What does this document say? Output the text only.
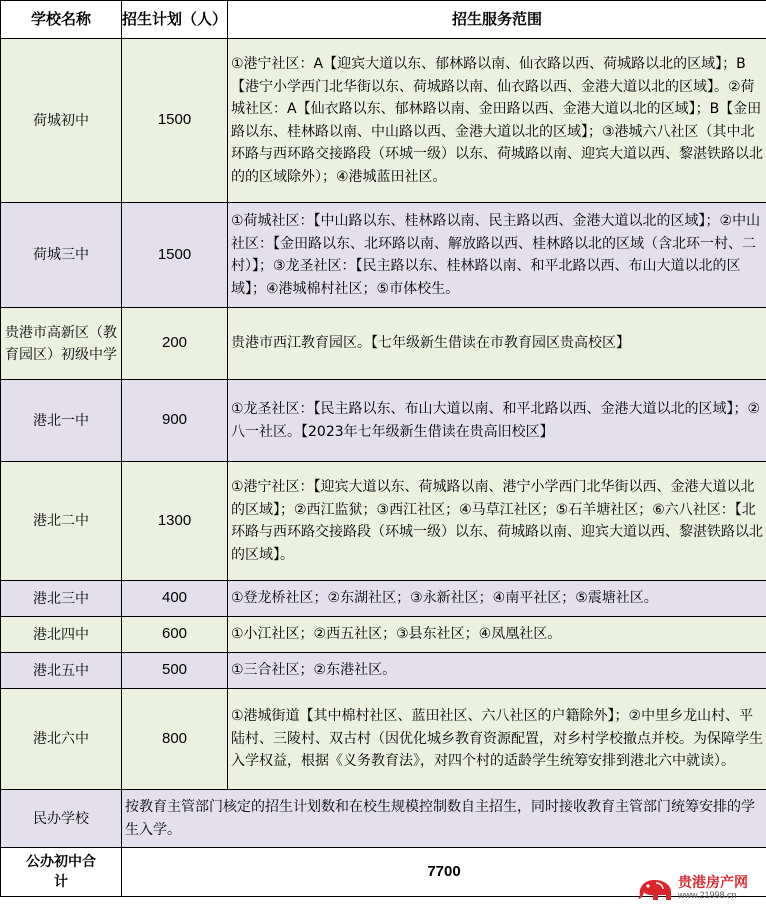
学校名称	招生计划（人）	招生服务范围
荷城初中	1500	①港宁社区：A【迎宾大道以东、郁林路以南、仙衣路以西、荷城路以北的区域】；B【港宁小学西门北华街以东、荷城路以南、仙衣路以西、金港大道以北的区域】。②荷城社区：A【仙衣路以东、郁林路以南、金田路以西、金港大道以北的区域】；B【金田路以东、桂林路以南、中山路以西、金港大道以北的区域】；③港城六八社区（其中北环路与西环路交接路段（环城一级）以东、荷城路以南、迎宾大道以西、黎湛铁路以北的的区域除外）；④港城蓝田社区。
荷城三中	1500	①荷城社区：【中山路以东、桂林路以南、民主路以西、金港大道以北的区域】；②中山社区：【金田路以东、北环路以南、解放路以西、桂林路以北的区域（含北环一村、二村）】；③龙圣社区：【民主路以东、桂林路以南、和平北路以西、布山大道以北的区域】；④港城棉村社区；⑤市体校生。
贵港市高新区（教育园区）初级中学	200	贵港市西江教育园区。【七年级新生借读在市教育园区贵高校区】
港北一中	900	①龙圣社区：【民主路以东、布山大道以南、和平北路以西、金港大道以北的区域】；②八一社区。【2023年七年级新生借读在贵高旧校区】
港北二中	1300	①港宁社区：【迎宾大道以东、荷城路以南、港宁小学西门北华街以西、金港大道以北的区域】；②西江监狱；③西江社区；④马草江社区；⑤石羊塘社区；⑥六八社区：【北环路与西环路交接路段（环城一级）以东、荷城路以南、迎宾大道以西、黎湛铁路以北的区域】。
港北三中	400	①登龙桥社区；②东湖社区；③永新社区；④南平社区；⑤震塘社区。
港北四中	600	①小江社区；②西五社区；③县东社区；④凤凰社区。
港北五中	500	①三合社区；②东港社区。
港北六中	800	①港城街道【其中棉村社区、蓝田社区、六八社区的户籍除外】；②中里乡龙山村、平陆村、三陵村、双古村（因优化城乡教育资源配置，对乡村学校撤点并校。为保障学生入学权益，根据《义务教育法》，对四个村的适龄学生统筹安排到港北六中就读）。
民办学校	按教育主管部门核定的招生计划数和在校生规模控制数自主招生，同时接收教育主管部门统筹安排的学生入学。	
公办初中合计	7700	
贵港房产网
www.21998.cn
